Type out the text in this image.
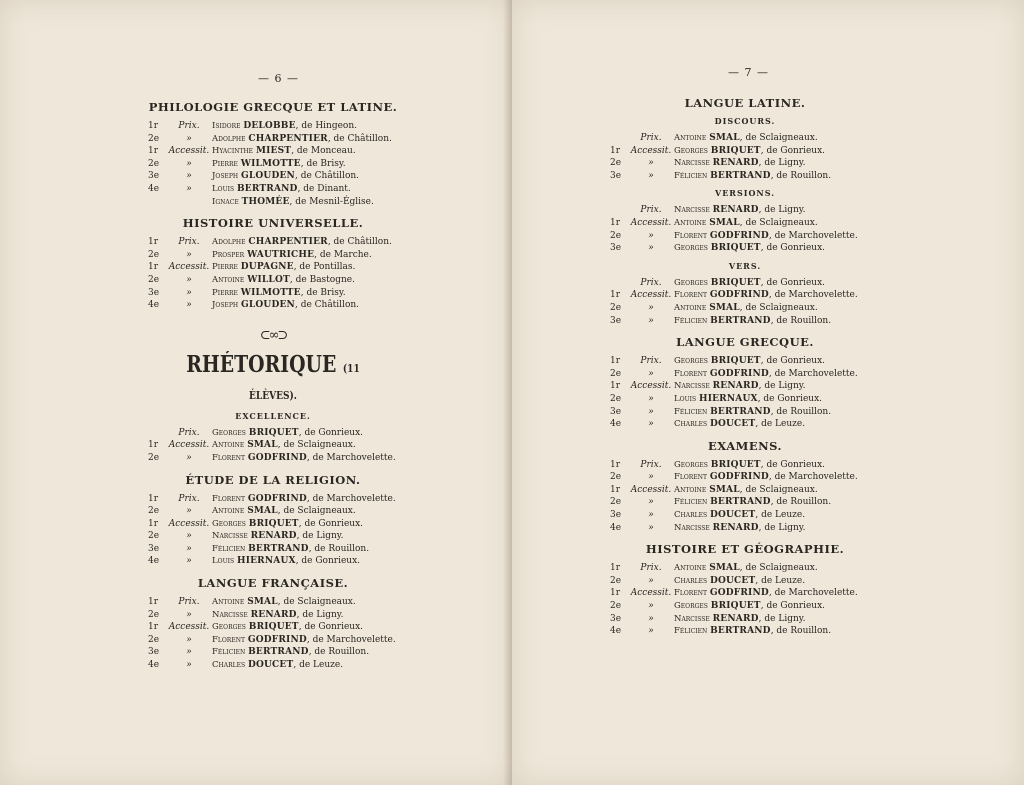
— 6 —
PHILOLOGIE GRECQUE ET LATINE.
1r	Prix.	Isidore DELOBBE, de Hingeon.
2e	»	Adolphe CHARPENTIER, de Châtillon.
1r	Accessit. Hyacinthe MIEST, de Monceau.
2e	»	Pierre WILMOTTE, de Brisy.
3e	»	Joseph GLOUDEN, de Châtillon.
4e	»	Louis BERTRAND, de Dinant.
Ignace THOMÉE, de Mesnil-Église.
HISTOIRE UNIVERSELLE.
1r	Prix.	Adolphe CHARPENTIER, de Châtillon.
2e	»	Prosper WAUTRICHE, de Marche.
1r	Accessit. Pierre DUPAGNE, de Pontillas.
2e	»	Antoine WILLOT, de Bastogne.
3e	»	Pierre WILMOTTE, de Brisy.
4e	»	Joseph GLOUDEN, de Châtillon.
⊂∞⊃
RHÉTORIQUE (11 ÉLÈVES).
EXCELLENCE.
Prix.	Georges BRIQUET, de Gonrieux.
1r	Accessit. Antoine SMAL, de Sclaigneaux.
2e	»	Florent GODFRIND, de Marchovelette.
ÉTUDE DE LA RELIGION.
1r	Prix.	Florent GODFRIND, de Marchovelette.
2e	»	Antoine SMAL, de Sclaigneaux.
1r	Accessit. Georges BRIQUET, de Gonrieux.
2e	»	Narcisse RENARD, de Ligny.
3e	»	Félicien BERTRAND, de Rouillon.
4e	»	Louis HIERNAUX, de Gonrieux.
LANGUE FRANÇAISE.
1r	Prix.	Antoine SMAL, de Sclaigneaux.
2e	»	Narcisse RENARD, de Ligny.
1r	Accessit. Georges BRIQUET, de Gonrieux.
2e	»	Florent GODFRIND, de Marchovelette.
3e	»	Félicien BERTRAND, de Rouillon.
4e	»	Charles DOUCET, de Leuze.
— 7 —
LANGUE LATINE.
DISCOURS.
Prix.	Antoine SMAL, de Sclaigneaux.
1r	Accessit. Georges BRIQUET, de Gonrieux.
2e	»	Narcisse RENARD, de Ligny.
3e	»	Félicien BERTRAND, de Rouillon.
VERSIONS.
Prix.	Narcisse RENARD, de Ligny.
1r	Accessit. Antoine SMAL, de Sclaigneaux.
2e	»	Florent GODFRIND, de Marchovelette.
3e	»	Georges BRIQUET, de Gonrieux.
VERS.
Prix.	Georges BRIQUET, de Gonrieux.
1r	Accessit. Florent GODFRIND, de Marchovelette.
2e	»	Antoine SMAL, de Sclaigneaux.
3e	»	Félicien BERTRAND, de Rouillon.
LANGUE GRECQUE.
1r	Prix.	Georges BRIQUET, de Gonrieux.
2e	»	Florent GODFRIND, de Marchovelette.
1r	Accessit. Narcisse RENARD, de Ligny.
2e	»	Louis HIERNAUX, de Gonrieux.
3e	»	Félicien BERTRAND, de Rouillon.
4e	»	Charles DOUCET, de Leuze.
EXAMENS.
1r	Prix.	Georges BRIQUET, de Gonrieux.
2e	»	Florent GODFRIND, de Marchovelette.
1r	Accessit. Antoine SMAL, de Sclaigneaux.
2e	»	Félicien BERTRAND, de Rouillon.
3e	»	Charles DOUCET, de Leuze.
4e	»	Narcisse RENARD, de Ligny.
HISTOIRE ET GÉOGRAPHIE.
1r	Prix.	Antoine SMAL, de Sclaigneaux.
2e	»	Charles DOUCET, de Leuze.
1r	Accessit. Florent GODFRIND, de Marchovelette.
2e	»	Georges BRIQUET, de Gonrieux.
3e	»	Narcisse RENARD, de Ligny.
4e	»	Félicien BERTRAND, de Rouillon.
